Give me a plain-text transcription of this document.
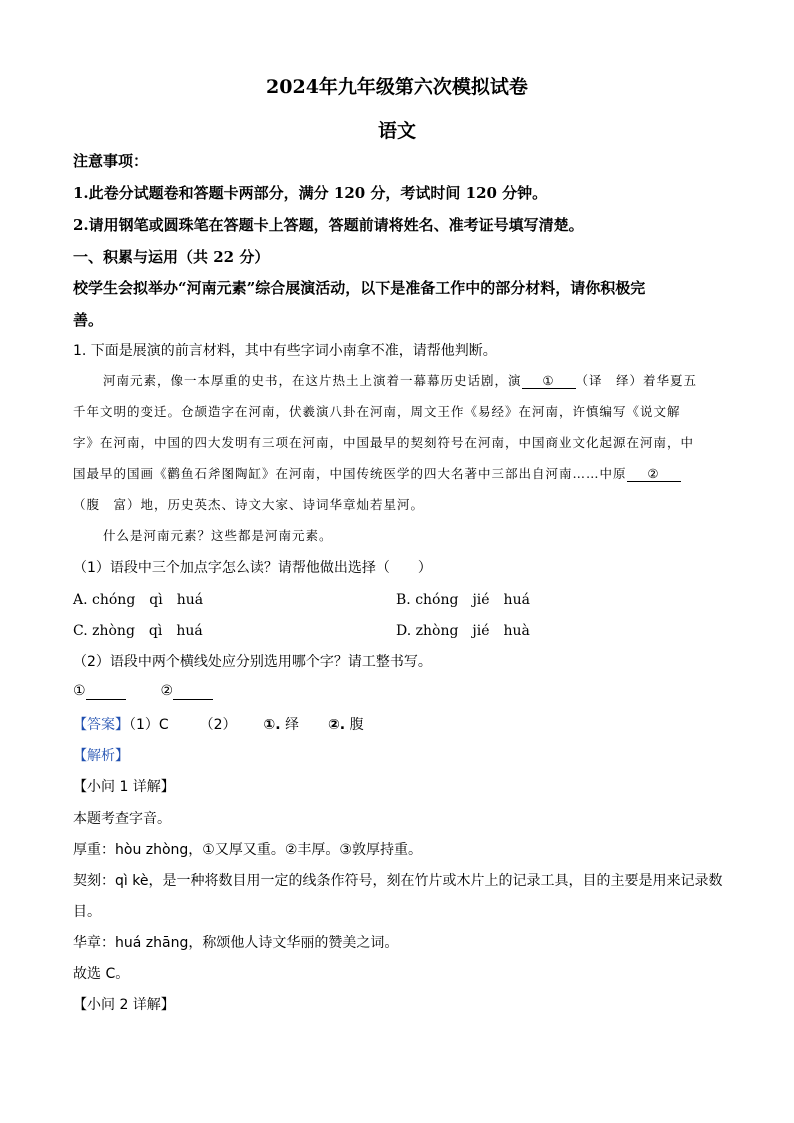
2024年九年级第六次模拟试卷
语文
注意事项：
1.此卷分试题卷和答题卡两部分，满分 120 分，考试时间 120 分钟。
2.请用钢笔或圆珠笔在答题卡上答题，答题前请将姓名、准考证号填写清楚。
一、积累与运用（共 22 分）
校学生会拟举办“河南元素”综合展演活动，以下是准备工作中的部分材料，请你积极完
善。
1. 下面是展演的前言材料，其中有些字词小南拿不准，请帮他判断。
河南元素，像一本厚重的史书，在这片热土上演着一幕幕历史话剧，演 ① （译　绎）着华夏五
千年文明的变迁。仓颉造字在河南，伏羲演八卦在河南，周文王作《易经》在河南，许慎编写《说文解
字》在河南，中国的四大发明有三项在河南，中国最早的契刻符号在河南，中国商业文化起源在河南，中
国最早的国画《鹳鱼石斧图陶缸》在河南，中国传统医学的四大名著中三部出自河南……中原 ②
（腹　富）地，历史英杰、诗文大家、诗词华章灿若星河。
什么是河南元素？这些都是河南元素。
（1）语段中三个加点字怎么读？请帮他做出选择（　　）
A. chóng　qì　huá	B. chóng　jié　huá
C. zhòng　qì　huá	D. zhòng　jié　huà
（2）语段中两个横线处应分别选用哪个字？请工整书写。
①	②
【答案】（1）C （2） ①. 绎 ②. 腹
【解析】
【小问 1 详解】
本题考查字音。
厚重：hòu zhòng，①又厚又重。②丰厚。③敦厚持重。
契刻：qì kè，是一种将数目用一定的线条作符号，刻在竹片或木片上的记录工具，目的主要是用来记录数
目。
华章：huá zhāng，称颂他人诗文华丽的赞美之词。
故选 C。
【小问 2 详解】
